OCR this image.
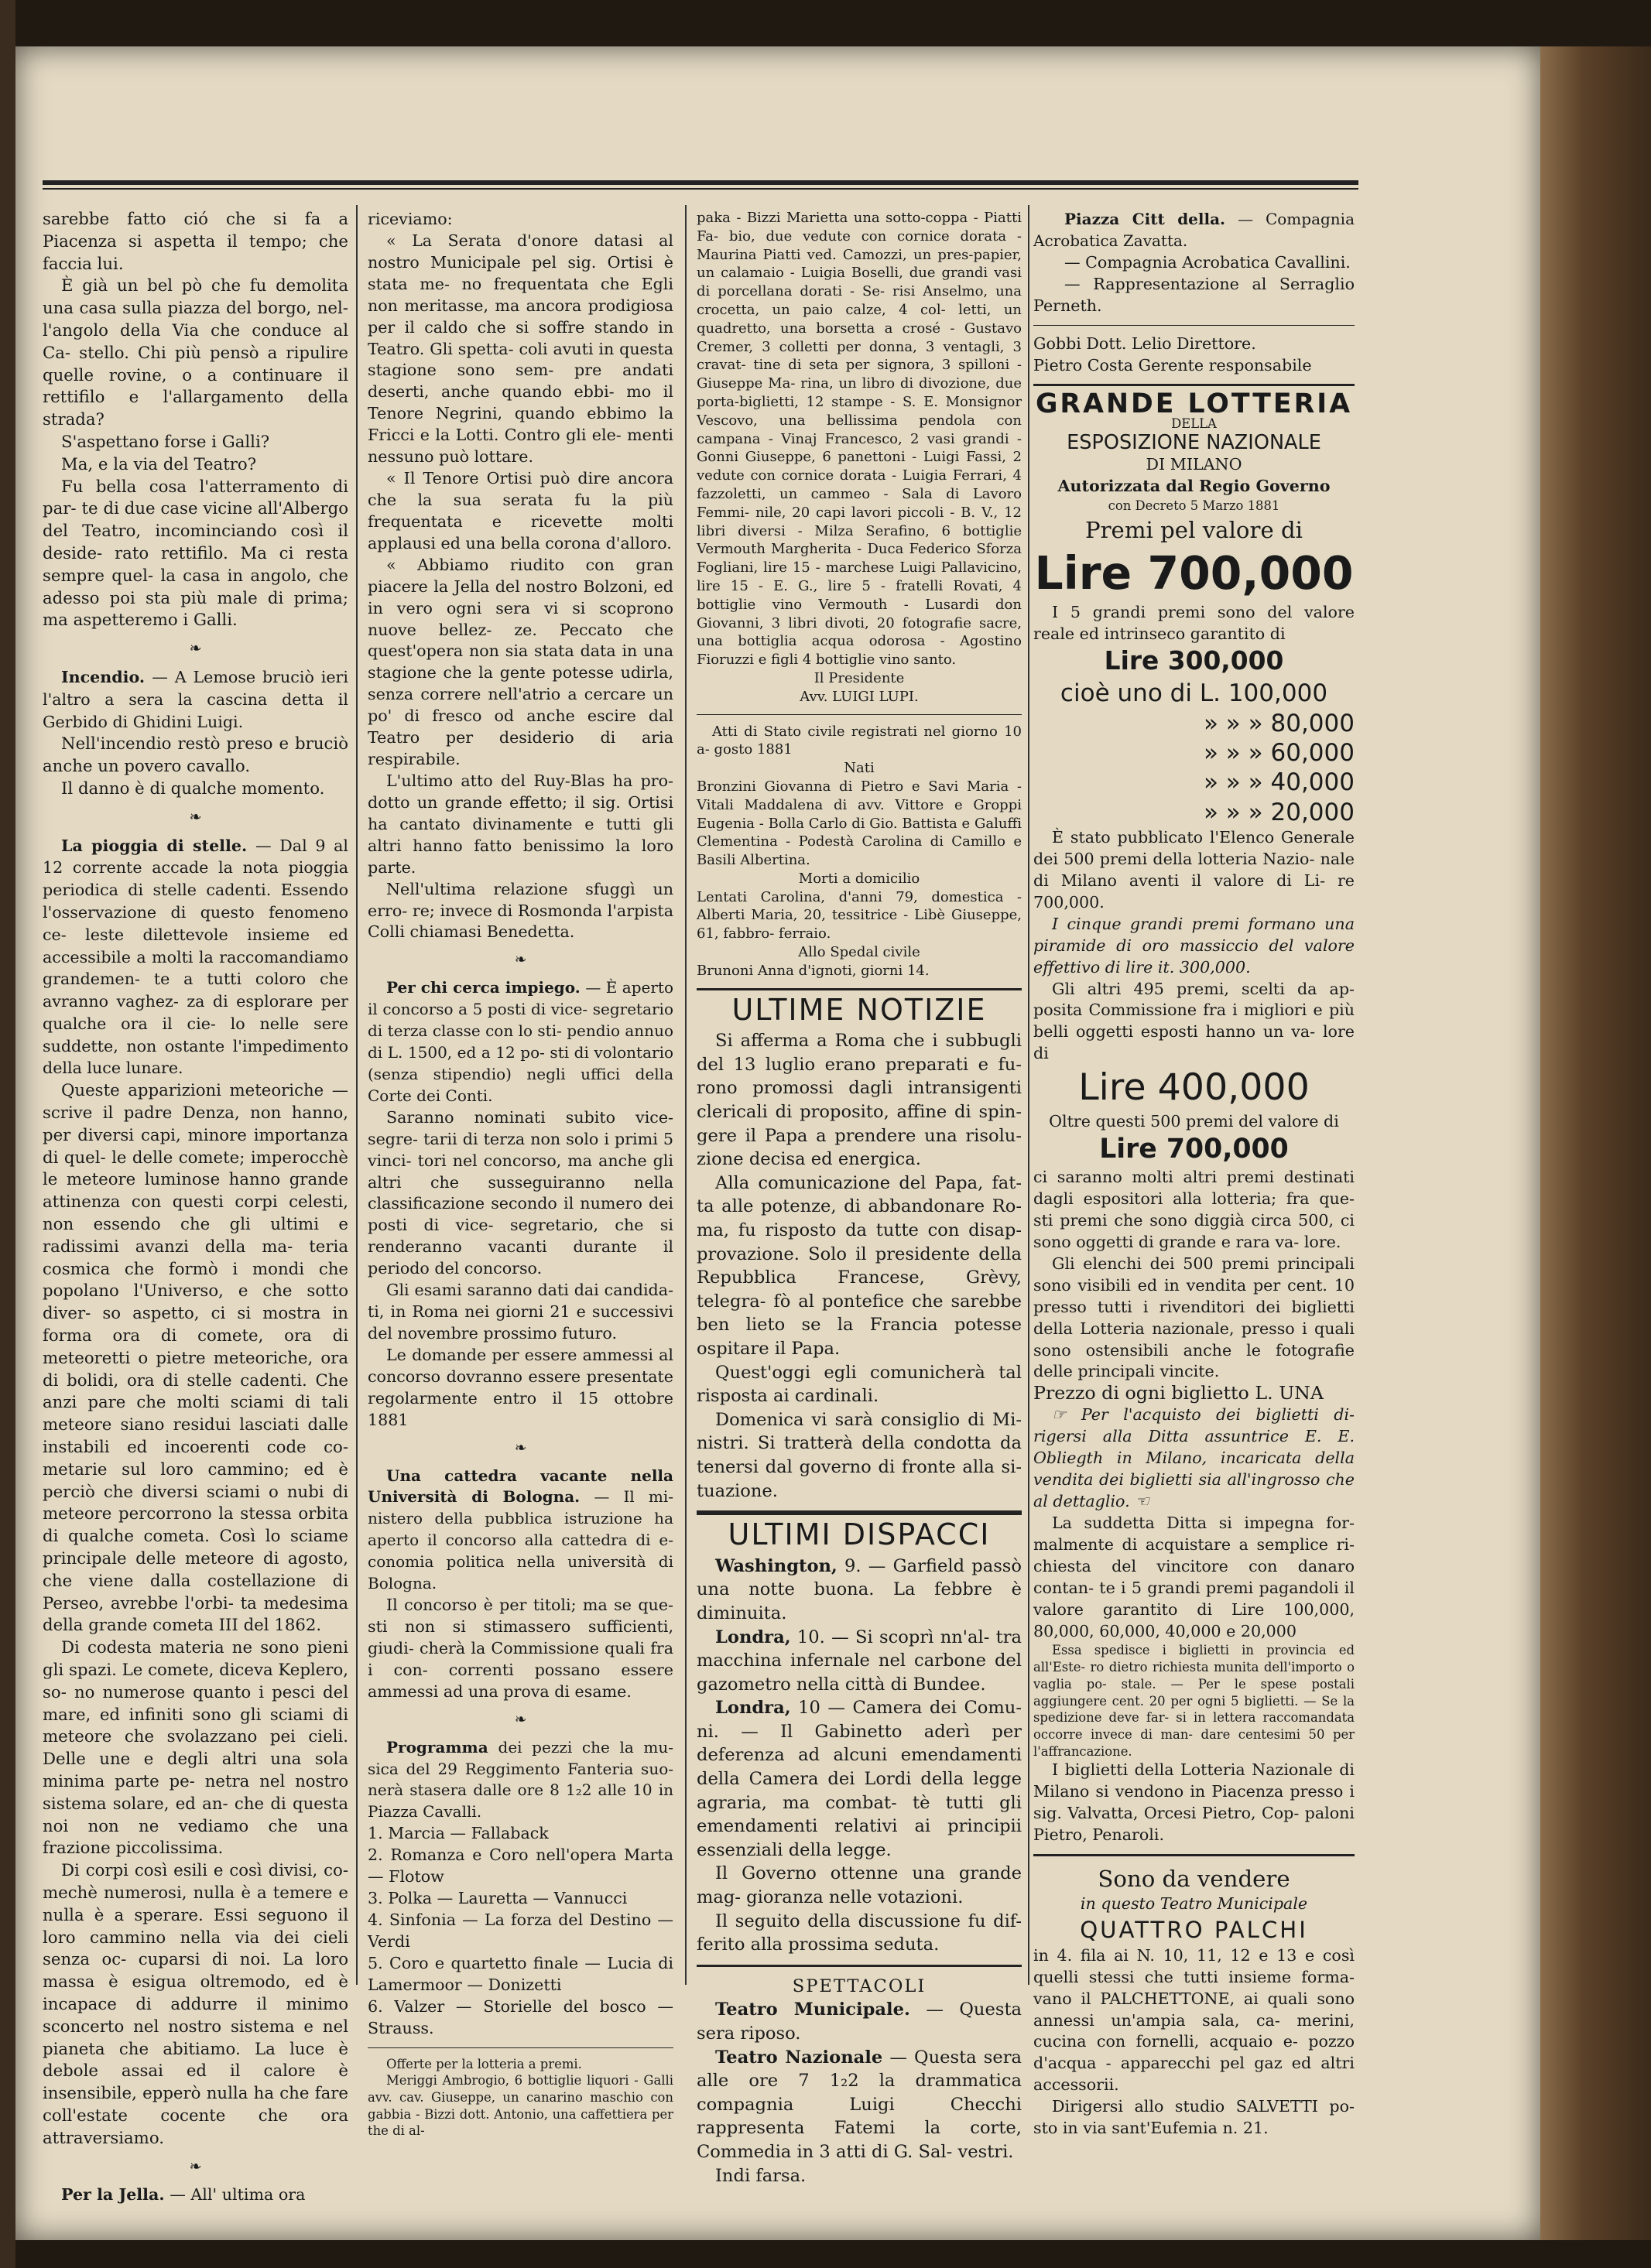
sarebbe fatto ció che si fa a Piacenza si aspetta il tempo; che faccia lui.

È già un bel pò che fu demolita una casa sulla piazza del borgo, nel- l'angolo della Via che conduce al Ca- stello. Chi più pensò a ripulire quelle rovine, o a continuare il rettifilo e l'allargamento della strada?

S'aspettano forse i Galli?

Ma, e la via del Teatro?

Fu bella cosa l'atterramento di par- te di due case vicine all'Albergo del Teatro, incominciando così il deside- rato rettifilo. Ma ci resta sempre quel- la casa in angolo, che adesso poi sta più male di prima; ma aspetteremo i Galli.

❧

Incendio. — A Lemose bruciò ieri l'altro a sera la cascina detta il Gerbido di Ghidini Luigi.

Nell'incendio restò preso e bruciò anche un povero cavallo.

Il danno è di qualche momento.

❧

La pioggia di stelle. — Dal 9 al 12 corrente accade la nota pioggia periodica di stelle cadenti. Essendo l'osservazione di questo fenomeno ce- leste dilettevole insieme ed accessibile a molti la raccomandiamo grandemen- te a tutti coloro che avranno vaghez- za di esplorare per qualche ora il cie- lo nelle sere suddette, non ostante l'impedimento della luce lunare.

Queste apparizioni meteoriche — scrive il padre Denza, non hanno, per diversi capi, minore importanza di quel- le delle comete; imperocchè le meteore luminose hanno grande attinenza con questi corpi celesti, non essendo che gli ultimi e radissimi avanzi della ma- teria cosmica che formò i mondi che popolano l'Universo, e che sotto diver- so aspetto, ci si mostra in forma ora di comete, ora di meteoretti o pietre meteoriche, ora di bolidi, ora di stelle cadenti. Che anzi pare che molti sciami di tali meteore siano residui lasciati dalle instabili ed incoerenti code co- metarie sul loro cammino; ed è perciò che diversi sciami o nubi di meteore percorrono la stessa orbita di qualche cometa. Così lo sciame principale delle meteore di agosto, che viene dalla costellazione di Perseo, avrebbe l'orbi- ta medesima della grande cometa III del 1862.

Di codesta materia ne sono pieni gli spazi. Le comete, diceva Keplero, so- no numerose quanto i pesci del mare, ed infiniti sono gli sciami di meteore che svolazzano pei cieli. Delle une e degli altri una sola minima parte pe- netra nel nostro sistema solare, ed an- che di questa noi non ne vediamo che una frazione piccolissima.

Di corpi così esili e così divisi, co- mechè numerosi, nulla è a temere e nulla è a sperare. Essi seguono il loro cammino nella via dei cieli senza oc- cuparsi di noi. La loro massa è esigua oltremodo, ed è incapace di addurre il minimo sconcerto nel nostro sistema e nel pianeta che abitiamo. La luce è debole assai ed il calore è insensibile, epperò nulla ha che fare coll'estate cocente che ora attraversiamo.

❧

Per la Jella. — All' ultima ora

riceviamo:

« La Serata d'onore datasi al nostro Municipale pel sig. Ortisi è stata me- no frequentata che Egli non meritasse, ma ancora prodigiosa per il caldo che si soffre stando in Teatro. Gli spetta- coli avuti in questa stagione sono sem- pre andati deserti, anche quando ebbi- mo il Tenore Negrini, quando ebbimo la Fricci e la Lotti. Contro gli ele- menti nessuno può lottare.

« Il Tenore Ortisi può dire ancora che la sua serata fu la più frequentata e ricevette molti applausi ed una bella corona d'alloro.

« Abbiamo riudito con gran piacere la Jella del nostro Bolzoni, ed in vero ogni sera vi si scoprono nuove bellez- ze. Peccato che quest'opera non sia stata data in una stagione che la gente potesse udirla, senza correre nell'atrio a cercare un po' di fresco od anche escire dal Teatro per desiderio di aria respirabile.

L'ultimo atto del Ruy-Blas ha pro- dotto un grande effetto; il sig. Ortisi ha cantato divinamente e tutti gli altri hanno fatto benissimo la loro parte.

Nell'ultima relazione sfuggì un erro- re; invece di Rosmonda l'arpista Colli chiamasi Benedetta.

❧

Per chi cerca impiego. — È aperto il concorso a 5 posti di vice- segretario di terza classe con lo sti- pendio annuo di L. 1500, ed a 12 po- sti di volontario (senza stipendio) negli uffici della Corte dei Conti.

Saranno nominati subito vice-segre- tarii di terza non solo i primi 5 vinci- tori nel concorso, ma anche gli altri che susseguiranno nella classificazione secondo il numero dei posti di vice- segretario, che si renderanno vacanti durante il periodo del concorso.

Gli esami saranno dati dai candida- ti, in Roma nei giorni 21 e successivi del novembre prossimo futuro.

Le domande per essere ammessi al concorso dovranno essere presentate regolarmente entro il 15 ottobre 1881

❧

Una cattedra vacante nella Università di Bologna. — Il mi- nistero della pubblica istruzione ha aperto il concorso alla cattedra di e- conomia politica nella università di Bologna.

Il concorso è per titoli; ma se que- sti non si stimassero sufficienti, giudi- cherà la Commissione quali fra i con- correnti possano essere ammessi ad una prova di esame.

❧

Programma dei pezzi che la mu- sica del 29 Reggimento Fanteria suo- nerà stasera dalle ore 8 1₂2 alle 10 in Piazza Cavalli.

1. Marcia — Fallaback

2. Romanza e Coro nell'opera Marta — Flotow

3. Polka — Lauretta — Vannucci

4. Sinfonia — La forza del Destino — Verdi

5. Coro e quartetto finale — Lucia di Lamermoor — Donizetti

6. Valzer — Storielle del bosco — Strauss.

Offerte per la lotteria a premi.

Meriggi Ambrogio, 6 bottiglie liquori - Galli avv. cav. Giuseppe, un canarino maschio con gabbia - Bizzi dott. Antonio, una caffettiera per the di al-

paka - Bizzi Marietta una sotto-coppa - Piatti Fa- bio, due vedute con cornice dorata - Maurina Piatti ved. Camozzi, un pres-papier, un calamaio - Luigia Boselli, due grandi vasi di porcellana dorati - Se- risi Anselmo, una crocetta, un paio calze, 4 col- letti, un quadretto, una borsetta a crosé - Gustavo Cremer, 3 colletti per donna, 3 ventagli, 3 cravat- tine di seta per signora, 3 spilloni - Giuseppe Ma- rina, un libro di divozione, due porta-biglietti, 12 stampe - S. E. Monsignor Vescovo, una bellissima pendola con campana - Vinaj Francesco, 2 vasi grandi - Gonni Giuseppe, 6 panettoni - Luigi Fassi, 2 vedute con cornice dorata - Luigia Ferrari, 4 fazzoletti, un cammeo - Sala di Lavoro Femmi- nile, 20 capi lavori piccoli - B. V., 12 libri diversi - Milza Serafino, 6 bottiglie Vermouth Margherita - Duca Federico Sforza Fogliani, lire 15 - marchese Luigi Pallavicino, lire 15 - E. G., lire 5 - fratelli Rovati, 4 bottiglie vino Vermouth - Lusardi don Giovanni, 3 libri divoti, 20 fotografie sacre, una bottiglia acqua odorosa - Agostino Fioruzzi e figli 4 bottiglie vino santo.

Il Presidente

Avv. LUIGI LUPI.

Atti di Stato civile registrati nel giorno 10 a- gosto 1881

Nati

Bronzini Giovanna di Pietro e Savi Maria - Vitali Maddalena di avv. Vittore e Groppi Eugenia - Bolla Carlo di Gio. Battista e Galuffi Clementina - Podestà Carolina di Camillo e Basili Albertina.

Morti a domicilio

Lentati Carolina, d'anni 79, domestica - Alberti Maria, 20, tessitrice - Libè Giuseppe, 61, fabbro- ferraio.

Allo Spedal civile

Brunoni Anna d'ignoti, giorni 14.

ULTIME NOTIZIE

Si afferma a Roma che i subbugli del 13 luglio erano preparati e fu- rono promossi dagli intransigenti clericali di proposito, affine di spin- gere il Papa a prendere una risolu- zione decisa ed energica.

Alla comunicazione del Papa, fat- ta alle potenze, di abbandonare Ro- ma, fu risposto da tutte con disap- provazione. Solo il presidente della Repubblica Francese, Grèvy, telegra- fò al pontefice che sarebbe ben lieto se la Francia potesse ospitare il Papa.

Quest'oggi egli comunicherà tal risposta ai cardinali.

Domenica vi sarà consiglio di Mi- nistri. Si tratterà della condotta da tenersi dal governo di fronte alla si- tuazione.

ULTIMI DISPACCI

Washington, 9. — Garfield passò una notte buona. La febbre è diminuita.

Londra, 10. — Si scoprì nn'al- tra macchina infernale nel carbone del gazometro nella città di Bundee.

Londra, 10 — Camera dei Comu- ni. — Il Gabinetto aderì per deferenza ad alcuni emendamenti della Camera dei Lordi della legge agraria, ma combat- tè tutti gli emendamenti relativi ai principii essenziali della legge.

Il Governo ottenne una grande mag- gioranza nelle votazioni.

Il seguito della discussione fu dif- ferito alla prossima seduta.

SPETTACOLI

Teatro Municipale. — Questa sera riposo.

Teatro Nazionale — Questa sera alle ore 7 1₂2 la drammatica compagnia Luigi Checchi rappresenta Fatemi la corte, Commedia in 3 atti di G. Sal- vestri.

Indi farsa.

Piazza Citt della. — Compagnia Acrobatica Zavatta.

— Compagnia Acrobatica Cavallini.

— Rappresentazione al Serraglio Perneth.

Gobbi Dott. Lelio Direttore.

Pietro Costa Gerente responsabile

GRANDE LOTTERIA

DELLA

ESPOSIZIONE NAZIONALE

DI MILANO

Autorizzata dal Regio Governo

con Decreto 5 Marzo 1881

Premi pel valore di

Lire 700,000

I 5 grandi premi sono del valore reale ed intrinseco garantito di

Lire 300,000
cioè uno di L. 100,000
» » » 80,000
» » » 60,000
» » » 40,000
» » » 20,000

È stato pubblicato l'Elenco Generale dei 500 premi della lotteria Nazio- nale di Milano aventi il valore di Li- re 700,000.

I cinque grandi premi formano una piramide di oro massiccio del valore effettivo di lire it. 300,000.

Gli altri 495 premi, scelti da ap- posita Commissione fra i migliori e più belli oggetti esposti hanno un va- lore di

Lire 400,000

Oltre questi 500 premi del valore di

Lire 700,000

ci saranno molti altri premi destinati dagli espositori alla lotteria; fra que- sti premi che sono diggià circa 500, ci sono oggetti di grande e rara va- lore.

Gli elenchi dei 500 premi principali sono visibili ed in vendita per cent. 10 presso tutti i rivenditori dei biglietti della Lotteria nazionale, presso i quali sono ostensibili anche le fotografie delle principali vincite.

Prezzo di ogni biglietto L. UNA

☞ Per l'acquisto dei biglietti di- rigersi alla Ditta assuntrice E. E. Obliegth in Milano, incaricata della vendita dei biglietti sia all'ingrosso che al dettaglio. ☜

La suddetta Ditta si impegna for- malmente di acquistare a semplice ri- chiesta del vincitore con danaro contan- te i 5 grandi premi pagandoli il valore garantito di Lire 100,000, 80,000, 60,000, 40,000 e 20,000

Essa spedisce i biglietti in provincia ed all'Este- ro dietro richiesta munita dell'importo o vaglia po- stale. — Per le spese postali aggiungere cent. 20 per ogni 5 biglietti. — Se la spedizione deve far- si in lettera raccomandata occorre invece di man- dare centesimi 50 per l'affrancazione.

I biglietti della Lotteria Nazionale di Milano si vendono in Piacenza presso i sig. Valvatta, Orcesi Pietro, Cop- paloni Pietro, Penaroli.

Sono da vendere

in questo Teatro Municipale

QUATTRO PALCHI

in 4. fila ai N. 10, 11, 12 e 13 e così quelli stessi che tutti insieme forma- vano il PALCHETTONE, ai quali sono annessi un'ampia sala, ca- merini, cucina con fornelli, acquaio e- pozzo d'acqua - apparecchi pel gaz ed altri accessorii.

Dirigersi allo studio SALVETTI po- sto in via sant'Eufemia n. 21.
